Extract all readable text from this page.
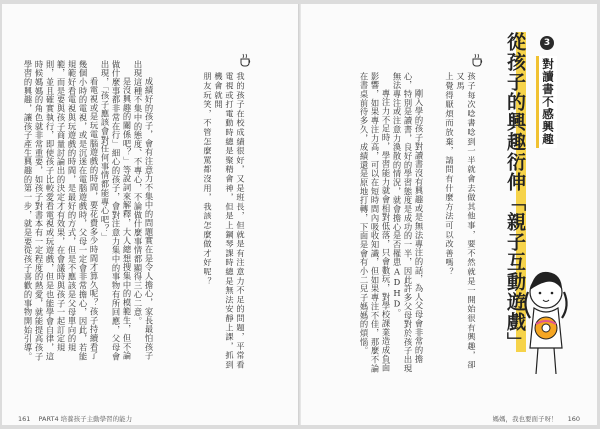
3
對讀書不感興趣
從孩子的興趣衍伸「親子互動遊戲」
孩子每次唸書唸到一半就會去做其他事，要不然就是一開始很有興趣，卻又馬
上覺得厭煩而放棄，請問有什麼方法可以改善嗎？

剛入學的孩子對讀書沒有興趣或是無法專注的話，為人父母會非常的擔心，特別是讀書，良好的學習態度是成功的一半，因此許多父母對於孩子出現無法專注或注意力渙散的情況，就會擔心是否罹患ADHD。

專注力不足時，學習能力就會相對低落，只會數玩，對學校課業造成負面影響，如果專注力高，可以在短時間內吸收知識，但如果專注不佳，那麼不論在書桌前待多久，成績還是原地打轉，下面是會有小二兒子媽媽的煩惱。

我的孩子在校成績很好，又是班長，但就是有注意力不足的問題，平常看電視或打電動時總是聚精會神，但是上鋼琴課時總是無法安靜上課，抓到機會就開
朋友玩笑，不管怎麼罵都沒用，我該怎麼做才好呢？

成績好的孩子，會有注意力不集中的問題實在是令人擔心，家長最怕孩子出現這種不集中的態度、不專心，不論做什麼事情都顯得三心二意。

是沒興趣的關係吧？」等說詞來解釋，大人總想搜集中的模範生，但不論做什麼事都非常在行」細心的孩子，會對注意力集中的事物有所回應，父母會出現，「孩子應該會對任何事情都能專心吧？」

看電視或是玩電腦遊戲的時間，要花費多少時間才算久呢？孩子持續看了幾個小時的電視，或是沉迷在電腦遊戲時，父母一定會非常擔心，因此，若能規範好看電視與玩遊戲的時間，是最好的方式，但是不應該是父母單向的規範，而是要與孩子商量討論出的決定才有效果，在會議時與孩子一起訂定規則，並且確實執行，即使孩子比較愛看電視或玩遊戲，但是也能學會自律，這時候媽媽的角色就非常重要，如孩子對書本有一定程度的熱愛，就能提高孩子學習的興趣，讓孩子產生興趣的第一步，就是要從孩子喜歡的事物開始引導。

161 PART4 培養孩子主動學習的能力	媽媽，我也要面子呀！ 160
